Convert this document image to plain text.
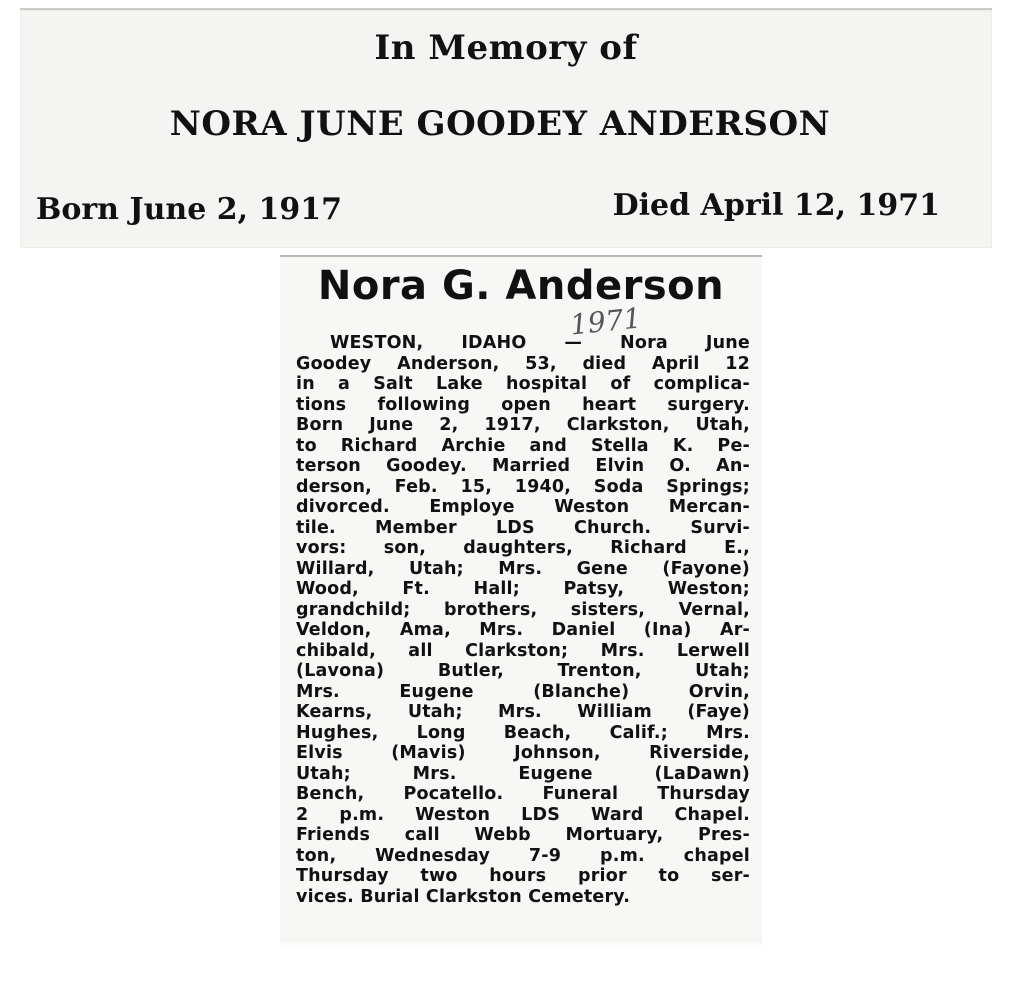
In Memory of
NORA JUNE GOODEY ANDERSON
Born June 2, 1917	Died April 12, 1971
Nora G. Anderson
1971
WESTON, IDAHO — Nora June
Goodey Anderson, 53, died April 12
in a Salt Lake hospital of complica-
tions following open heart surgery.
Born June 2, 1917, Clarkston, Utah,
to Richard Archie and Stella K. Pe-
terson Goodey. Married Elvin O. An-
derson, Feb. 15, 1940, Soda Springs;
divorced. Employe Weston Mercan-
tile. Member LDS Church. Survi-
vors: son, daughters, Richard E.,
Willard, Utah; Mrs. Gene (Fayone)
Wood, Ft. Hall; Patsy, Weston;
grandchild; brothers, sisters, Vernal,
Veldon, Ama, Mrs. Daniel (Ina) Ar-
chibald, all Clarkston; Mrs. Lerwell
(Lavona) Butler, Trenton, Utah;
Mrs. Eugene (Blanche) Orvin,
Kearns, Utah; Mrs. William (Faye)
Hughes, Long Beach, Calif.; Mrs.
Elvis (Mavis) Johnson, Riverside,
Utah; Mrs. Eugene (LaDawn)
Bench, Pocatello. Funeral Thursday
2 p.m. Weston LDS Ward Chapel.
Friends call Webb Mortuary, Pres-
ton, Wednesday 7-9 p.m. chapel
Thursday two hours prior to ser-
vices. Burial Clarkston Cemetery.
